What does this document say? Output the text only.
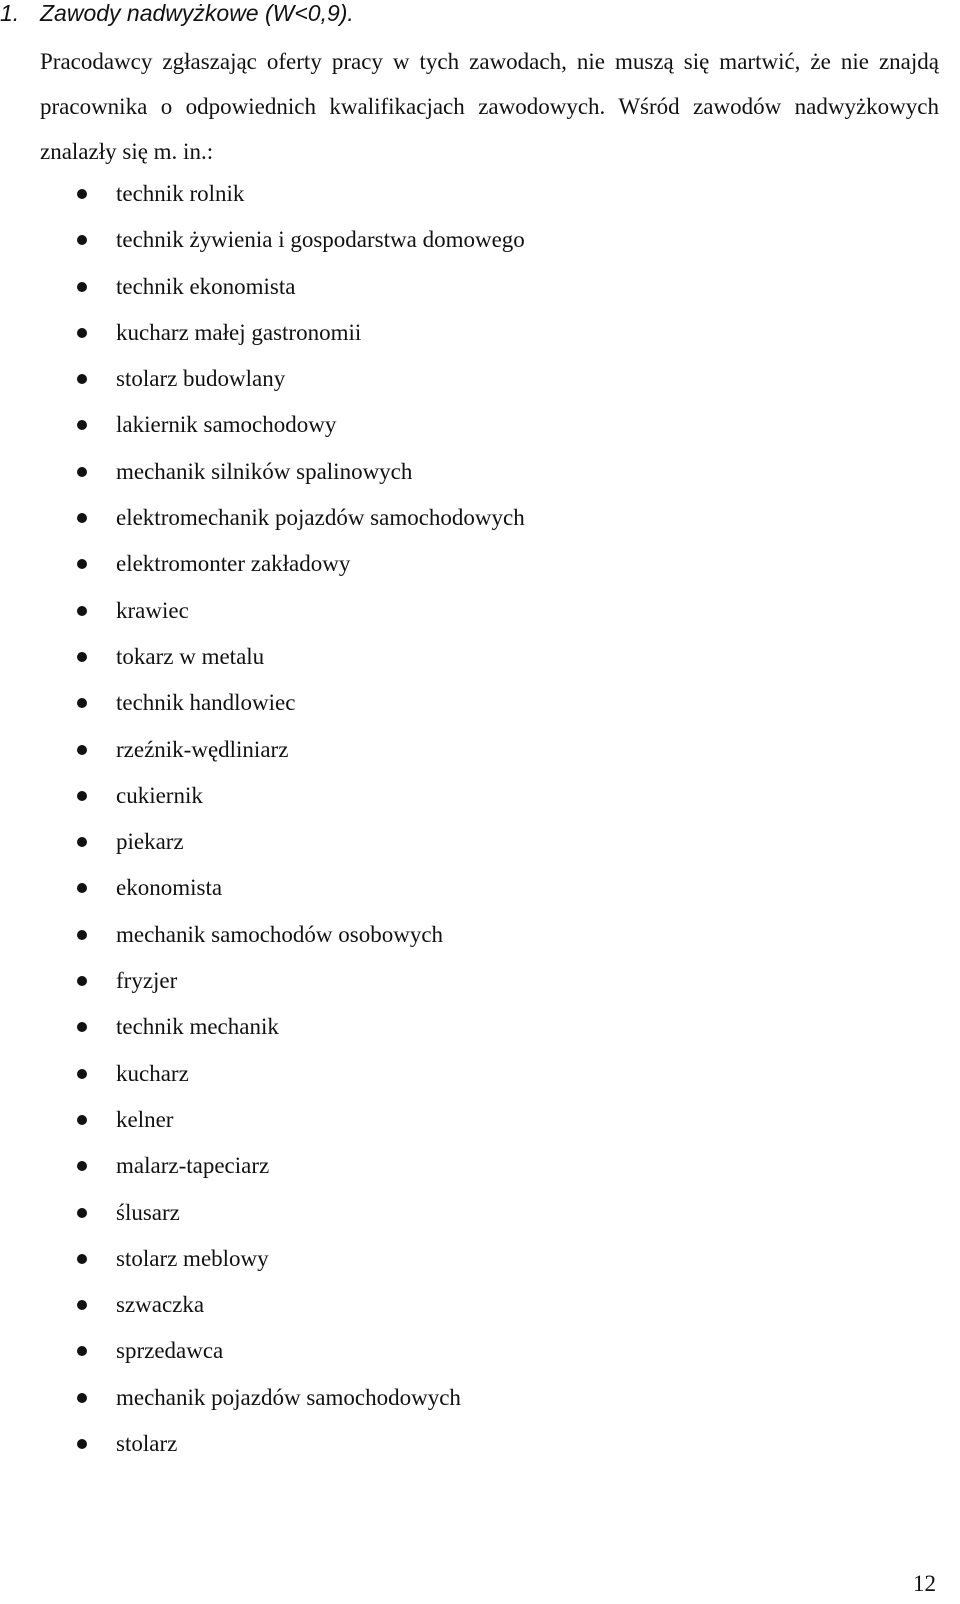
1. Zawody nadwyżkowe (W<0,9).

Pracodawcy zgłaszając oferty pracy w tych zawodach, nie muszą się martwić, że nie znajdą pracownika o odpowiednich kwalifikacjach zawodowych. Wśród zawodów nadwyżkowych znalazły się m. in.:

technik rolnik
technik żywienia i gospodarstwa domowego
technik ekonomista
kucharz małej gastronomii
stolarz budowlany
lakiernik samochodowy
mechanik silników spalinowych
elektromechanik pojazdów samochodowych
elektromonter zakładowy
krawiec
tokarz w metalu
technik handlowiec
rzeźnik-wędliniarz
cukiernik
piekarz
ekonomista
mechanik samochodów osobowych
fryzjer
technik mechanik
kucharz
kelner
malarz-tapeciarz
ślusarz
stolarz meblowy
szwaczka
sprzedawca
mechanik pojazdów samochodowych
stolarz
12
